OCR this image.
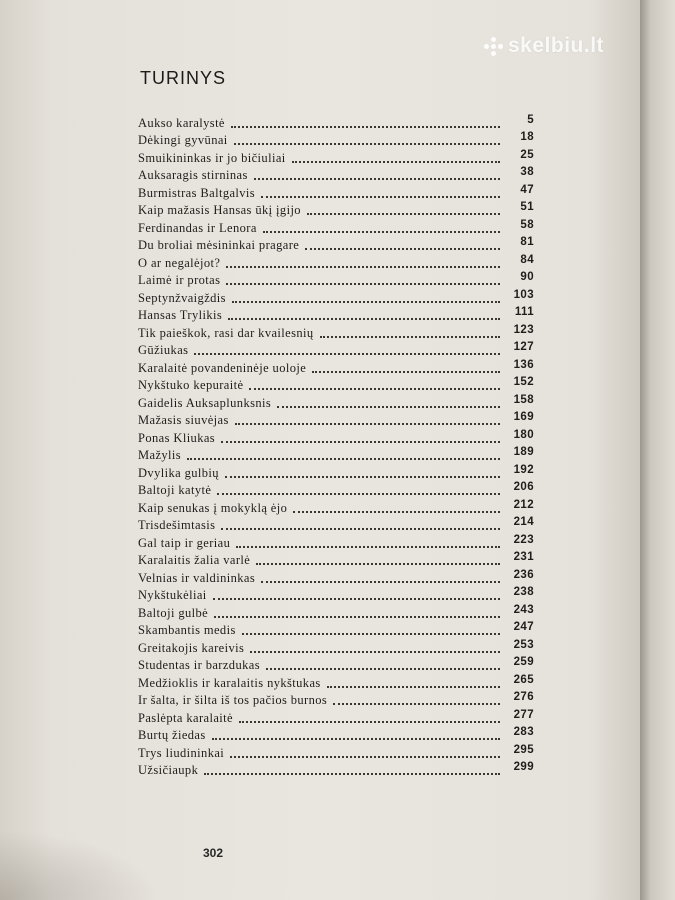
skelbiu.lt
TURINYS
Aukso karalystė	5
Dėkingi gyvūnai	18
Smuikininkas ir jo bičiuliai	25
Auksaragis stirninas	38
Burmistras Baltgalvis	47
Kaip mažasis Hansas ūkį įgijo	51
Ferdinandas ir Lenora	58
Du broliai mėsininkai pragare	81
O ar negalėjot?	84
Laimė ir protas	90
Septynžvaigždis	103
Hansas Trylikis	111
Tik paieškok, rasi dar kvailesnių	123
Gūžiukas	127
Karalaitė povandeninėje uoloje	136
Nykštuko kepuraitė	152
Gaidelis Auksaplunksnis	158
Mažasis siuvėjas	169
Ponas Kliukas	180
Mažylis	189
Dvylika gulbių	192
Baltoji katytė	206
Kaip senukas į mokyklą ėjo	212
Trisdešimtasis	214
Gal taip ir geriau	223
Karalaitis žalia varlė	231
Velnias ir valdininkas	236
Nykštukėliai	238
Baltoji gulbė	243
Skambantis medis	247
Greitakojis kareivis	253
Studentas ir barzdukas	259
Medžioklis ir karalaitis nykštukas	265
Ir šalta, ir šilta iš tos pačios burnos	276
Paslėpta karalaitė	277
Burtų žiedas	283
Trys liudininkai	295
Užsičiaupk	299
302
